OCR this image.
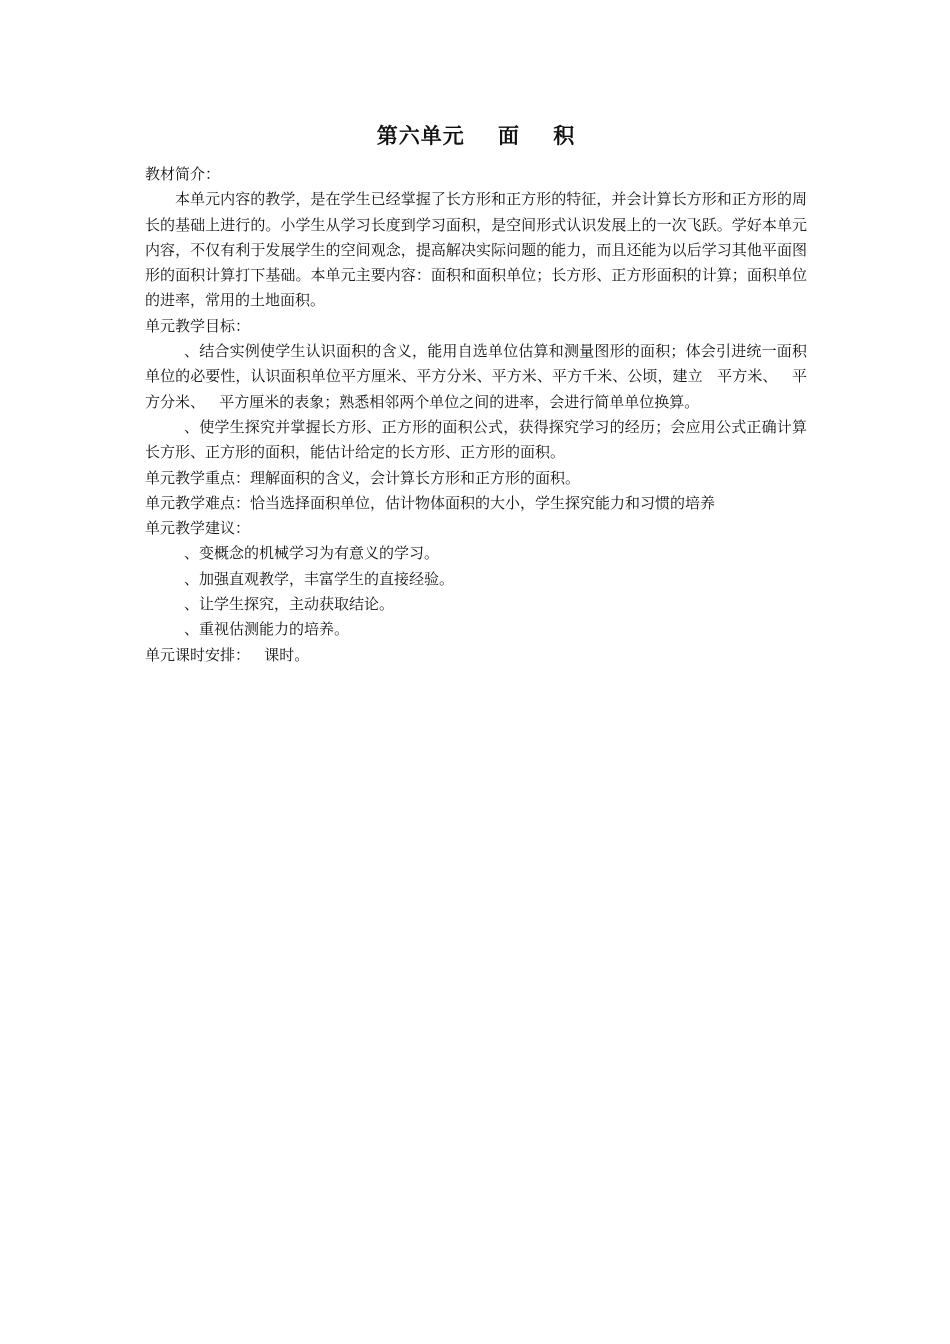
第六单元    面    积

教材简介：

本单元内容的教学，是在学生已经掌握了长方形和正方形的特征，并会计算长方形和正方形的周长的基础上进行的。小学生从学习长度到学习面积，是空间形式认识发展上的一次飞跃。学好本单元内容，不仅有利于发展学生的空间观念，提高解决实际问题的能力，而且还能为以后学习其他平面图形的面积计算打下基础。本单元主要内容：面积和面积单位；长方形、正方形面积的计算；面积单位的进率，常用的土地面积。

单元教学目标：

、结合实例使学生认识面积的含义，能用自选单位估算和测量图形的面积；体会引进统一面积单位的必要性，认识面积单位平方厘米、平方分米、平方米、平方千米、公顷，建立   平方米、   平方分米、   平方厘米的表象；熟悉相邻两个单位之间的进率，会进行简单单位换算。

、使学生探究并掌握长方形、正方形的面积公式，获得探究学习的经历；会应用公式正确计算长方形、正方形的面积，能估计给定的长方形、正方形的面积。

单元教学重点：理解面积的含义，会计算长方形和正方形的面积。

单元教学难点：恰当选择面积单位，估计物体面积的大小，学生探究能力和习惯的培养

单元教学建议：

、变概念的机械学习为有意义的学习。

、加强直观教学，丰富学生的直接经验。

、让学生探究，主动获取结论。

、重视估测能力的培养。

单元课时安排：   课时。
